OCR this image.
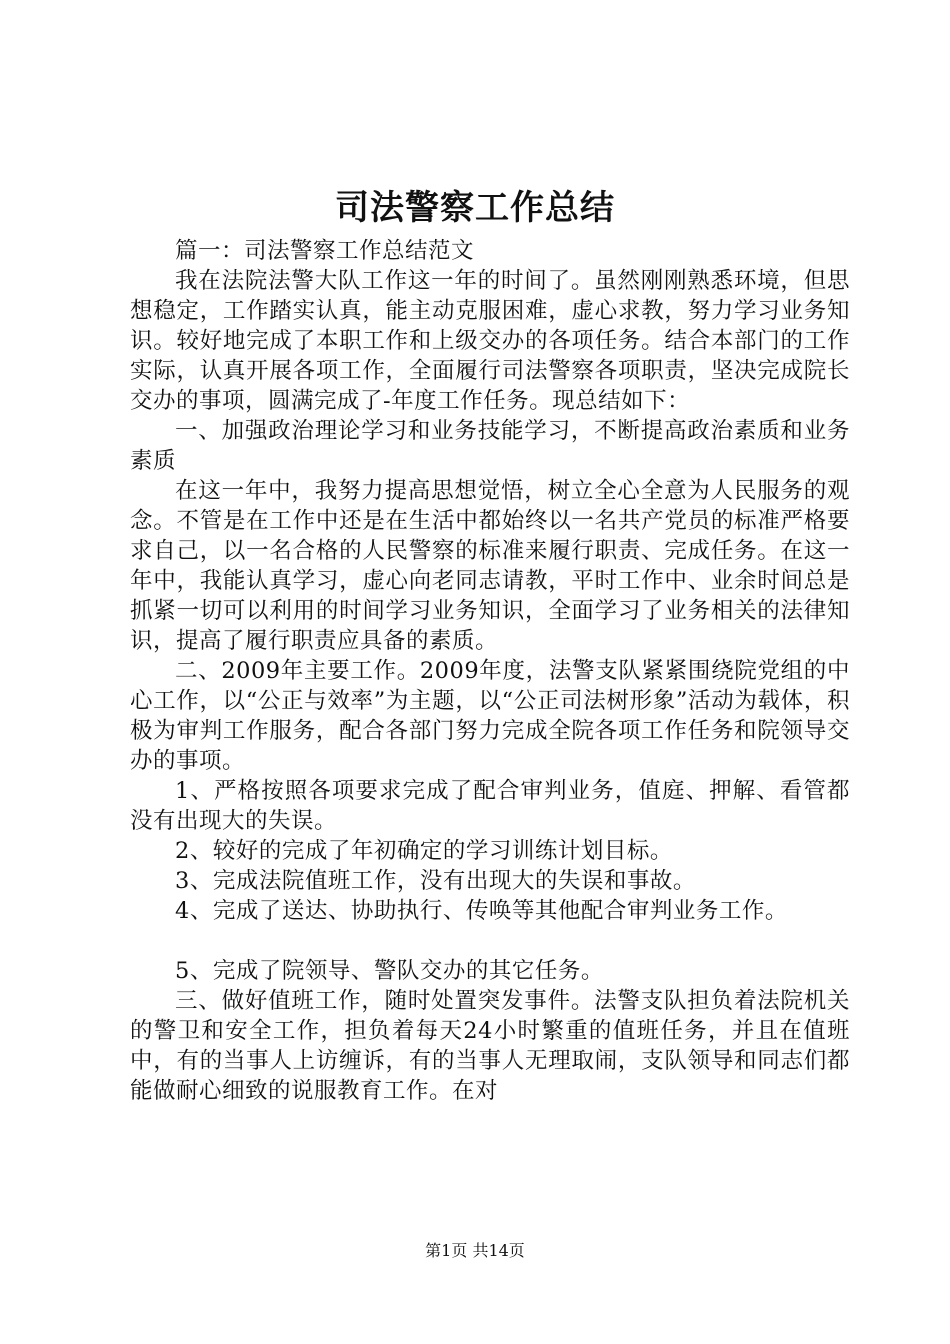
司法警察工作总结

篇一：司法警察工作总结范文

我在法院法警大队工作这一年的时间了。虽然刚刚熟悉环境，但思想稳定，工作踏实认真，能主动克服困难，虚心求教，努力学习业务知识。较好地完成了本职工作和上级交办的各项任务。结合本部门的工作实际，认真开展各项工作，全面履行司法警察各项职责，坚决完成院长交办的事项，圆满完成了-年度工作任务。现总结如下：

一、加强政治理论学习和业务技能学习，不断提高政治素质和业务素质

在这一年中，我努力提高思想觉悟，树立全心全意为人民服务的观念。不管是在工作中还是在生活中都始终以一名共产党员的标准严格要求自己，以一名合格的人民警察的标准来履行职责、完成任务。在这一年中，我能认真学习，虚心向老同志请教，平时工作中、业余时间总是抓紧一切可以利用的时间学习业务知识，全面学习了业务相关的法律知识，提高了履行职责应具备的素质。

二、2009年主要工作。2009年度，法警支队紧紧围绕院党组的中心工作，以“公正与效率”为主题，以“公正司法树形象”活动为载体，积极为审判工作服务，配合各部门努力完成全院各项工作任务和院领导交办的事项。

1、严格按照各项要求完成了配合审判业务，值庭、押解、看管都没有出现大的失误。

2、较好的完成了年初确定的学习训练计划目标。

3、完成法院值班工作，没有出现大的失误和事故。

4、完成了送达、协助执行、传唤等其他配合审判业务工作。

5、完成了院领导、警队交办的其它任务。

三、做好值班工作，随时处置突发事件。法警支队担负着法院机关的警卫和安全工作，担负着每天24小时繁重的值班任务，并且在值班中，有的当事人上访缠诉，有的当事人无理取闹，支队领导和同志们都能做耐心细致的说服教育工作。在对

第1页 共14页
